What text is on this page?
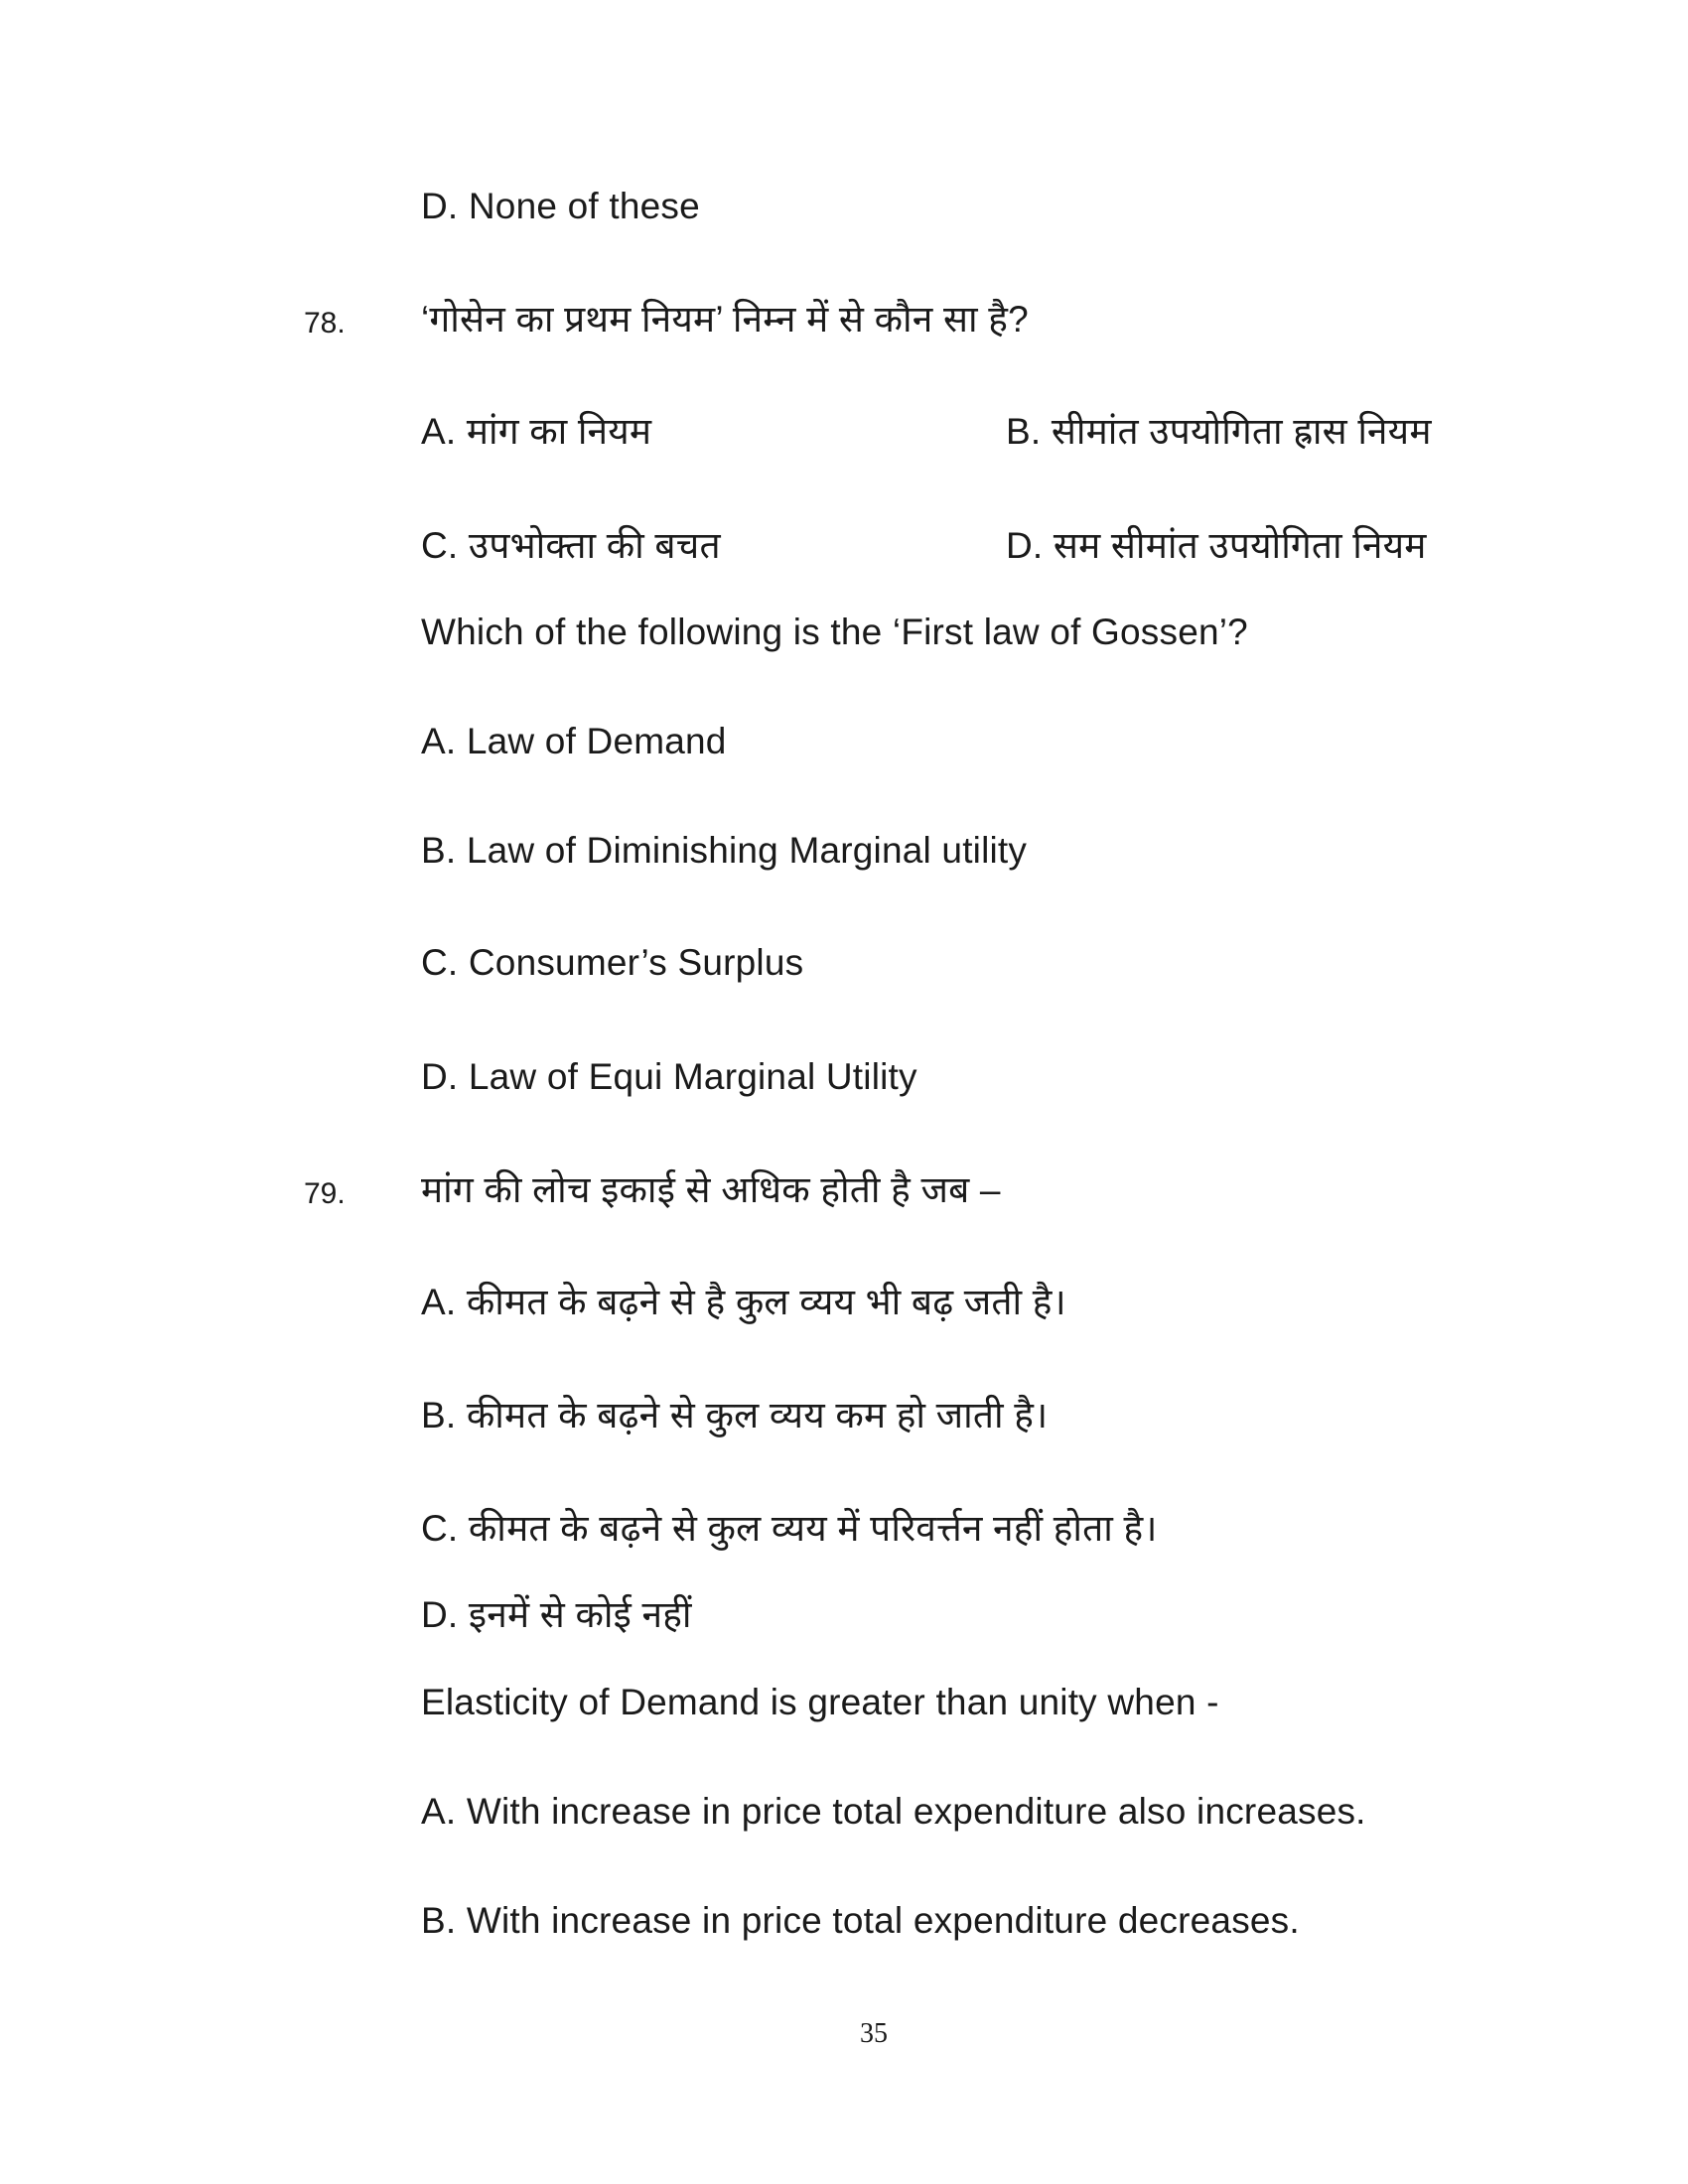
D. None of these
78. ‘गोसेन का प्रथम नियम’ निम्न में से कौन सा है?
A. मांग का नियम	B. सीमांत उपयोगिता ह्रास नियम
C. उपभोक्ता की बचत	D. सम सीमांत उपयोगिता नियम
Which of the following is the ‘First law of Gossen’?
A. Law of Demand
B. Law of Diminishing Marginal utility
C. Consumer’s Surplus
D. Law of Equi Marginal Utility
79. मांग की लोच इकाई से अधिक होती है जब –
A. कीमत के बढ़ने से है कुल व्यय भी बढ़ जती है।
B. कीमत के बढ़ने से कुल व्यय कम हो जाती है।
C. कीमत के बढ़ने से कुल व्यय में परिवर्त्तन नहीं होता है।
D. इनमें से कोई नहीं
Elasticity of Demand is greater than unity when -
A. With increase in price total expenditure also increases.
B. With increase in price total expenditure decreases.
35
